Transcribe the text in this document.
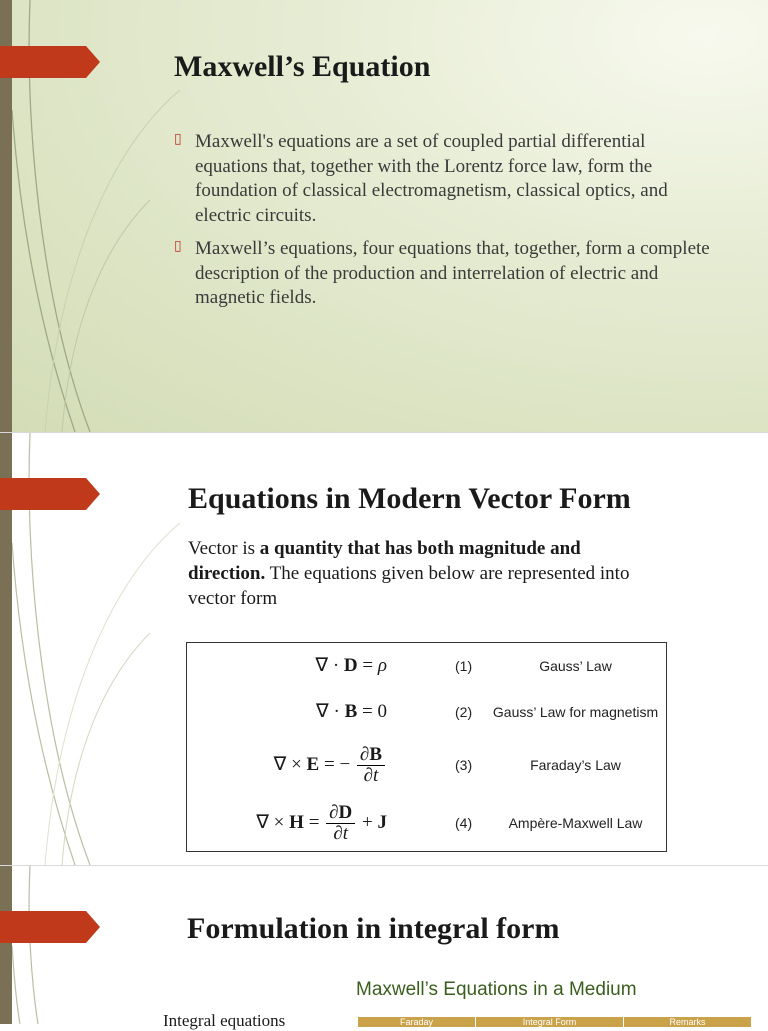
Maxwell’s Equation
▯ Maxwell's equations are a set of coupled partial differential equations that, together with the Lorentz force law, form the foundation of classical electromagnetism, classical optics, and electric circuits.
▯ Maxwell’s equations, four equations that, together, form a complete description of the production and interrelation of electric and magnetic fields.
Equations in Modern Vector Form

Vector is a quantity that has both magnitude and direction. The equations given below are represented into vector form

∇ · D = ρ	(1)	Gauss’ Law
∇ · B = 0	(2)	Gauss’ Law for magnetism
∇ × E = − $\frac{\partial B}{\partial t}$	(3)	Faraday’s Law
∇ × $H = \frac{\partial D}{\partial t} + J$	(4)	Ampère-Maxwell Law
Formulation in integral form

Maxwell’s Equations in a Medium

Integral equations	Faraday	Integral Form	Remarks
